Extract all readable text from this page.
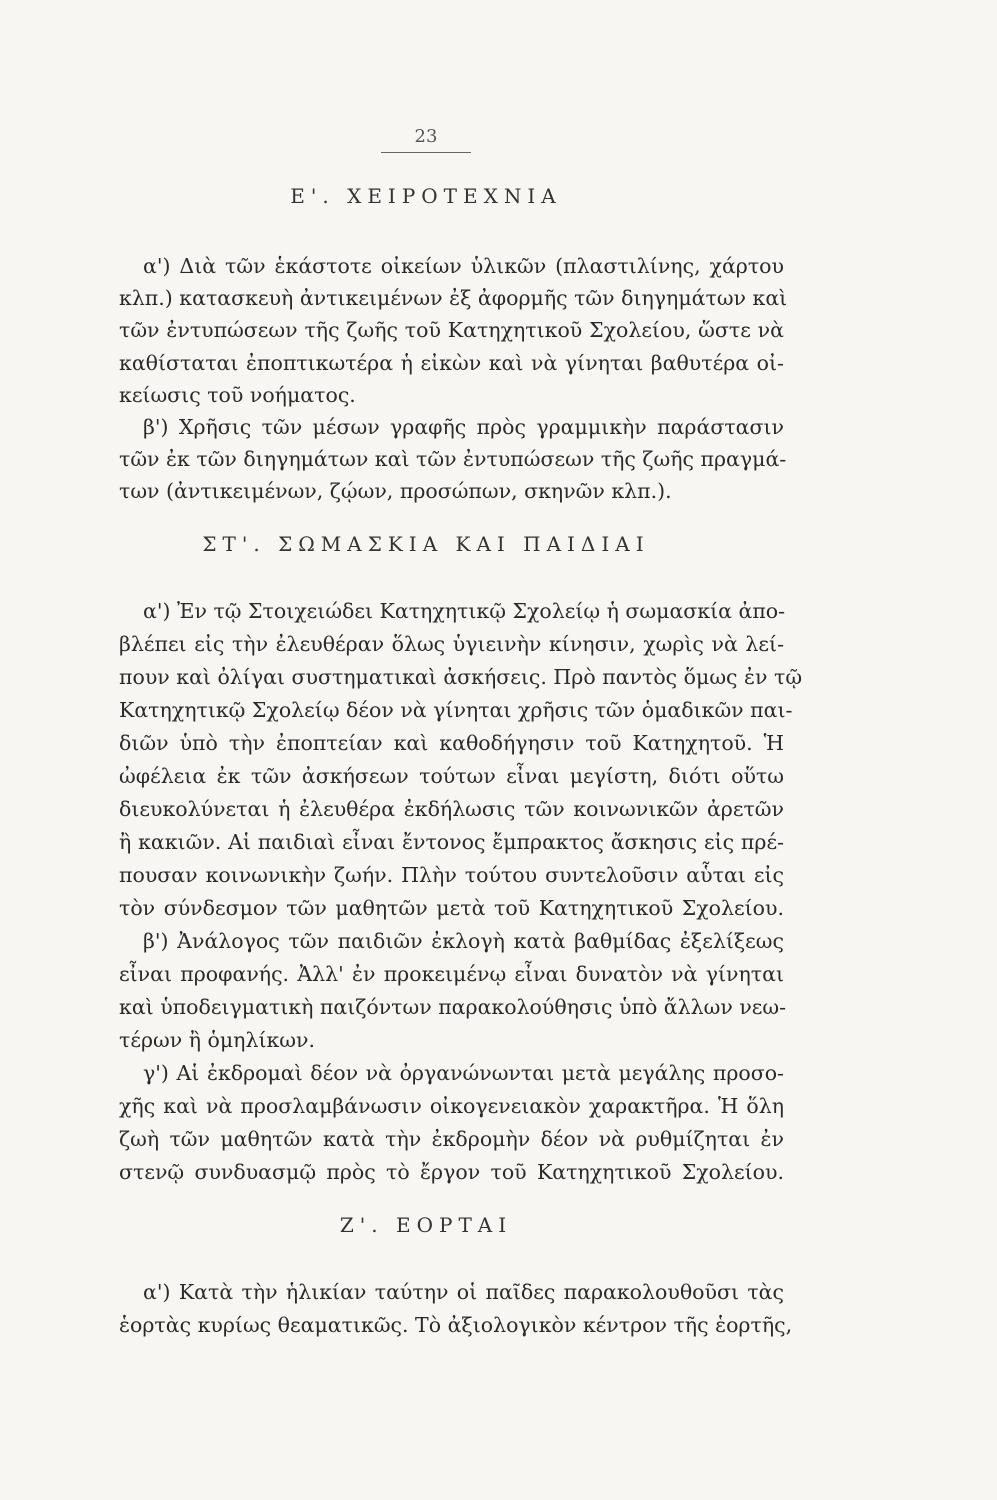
23
Ε'. ΧΕΙΡΟΤΕΧΝΙΑ
α') Διὰ τῶν ἑκάστοτε οἰκείων ὑλικῶν (πλαστιλίνης, χάρτου
κλπ.) κατασκευὴ ἀντικειμένων ἐξ ἀφορμῆς τῶν διηγημάτων καὶ
τῶν ἐντυπώσεων τῆς ζωῆς τοῦ Κατηχητικοῦ Σχολείου, ὥστε νὰ
καθίσταται ἐποπτικωτέρα ἡ εἰκὼν καὶ νὰ γίνηται βαθυτέρα οἰ-
κείωσις τοῦ νοήματος.
β') Χρῆσις τῶν μέσων γραφῆς πρὸς γραμμικὴν παράστασιν
τῶν ἐκ τῶν διηγημάτων καὶ τῶν ἐντυπώσεων τῆς ζωῆς πραγμά-
των (ἀντικειμένων, ζῴων, προσώπων, σκηνῶν κλπ.).
ΣΤ'. ΣΩΜΑΣΚΙΑ ΚΑΙ ΠΑΙΔΙΑΙ
α') Ἐν τῷ Στοιχειώδει Κατηχητικῷ Σχολείῳ ἡ σωμασκία ἀπο-
βλέπει εἰς τὴν ἐλευθέραν ὅλως ὑγιεινὴν κίνησιν, χωρὶς νὰ λεί-
πουν καὶ ὀλίγαι συστηματικαὶ ἀσκήσεις. Πρὸ παντὸς ὅμως ἐν τῷ
Κατηχητικῷ Σχολείῳ δέον νὰ γίνηται χρῆσις τῶν ὁμαδικῶν παι-
διῶν ὑπὸ τὴν ἐποπτείαν καὶ καθοδήγησιν τοῦ Κατηχητοῦ. Ἡ
ὠφέλεια ἐκ τῶν ἀσκήσεων τούτων εἶναι μεγίστη, διότι οὕτω
διευκολύνεται ἡ ἐλευθέρα ἐκδήλωσις τῶν κοινωνικῶν ἀρετῶν
ἢ κακιῶν. Αἱ παιδιαὶ εἶναι ἔντονος ἔμπρακτος ἄσκησις εἰς πρέ-
πουσαν κοινωνικὴν ζωήν. Πλὴν τούτου συντελοῦσιν αὗται εἰς
τὸν σύνδεσμον τῶν μαθητῶν μετὰ τοῦ Κατηχητικοῦ Σχολείου.
β') Ἀνάλογος τῶν παιδιῶν ἐκλογὴ κατὰ βαθμίδας ἐξελίξεως
εἶναι προφανής. Ἀλλ' ἐν προκειμένῳ εἶναι δυνατὸν νὰ γίνηται
καὶ ὑποδειγματικὴ παιζόντων παρακολούθησις ὑπὸ ἄλλων νεω-
τέρων ἢ ὁμηλίκων.
γ') Αἱ ἐκδρομαὶ δέον νὰ ὀργανώνωνται μετὰ μεγάλης προσο-
χῆς καὶ νὰ προσλαμβάνωσιν οἰκογενειακὸν χαρακτῆρα. Ἡ ὅλη
ζωὴ τῶν μαθητῶν κατὰ τὴν ἐκδρομὴν δέον νὰ ρυθμίζηται ἐν
στενῷ συνδυασμῷ πρὸς τὸ ἔργον τοῦ Κατηχητικοῦ Σχολείου.
Ζ'. ΕΟΡΤΑΙ
α') Κατὰ τὴν ἡλικίαν ταύτην οἱ παῖδες παρακολουθοῦσι τὰς
ἑορτὰς κυρίως θεαματικῶς. Τὸ ἀξιολογικὸν κέντρον τῆς ἑορτῆς,
